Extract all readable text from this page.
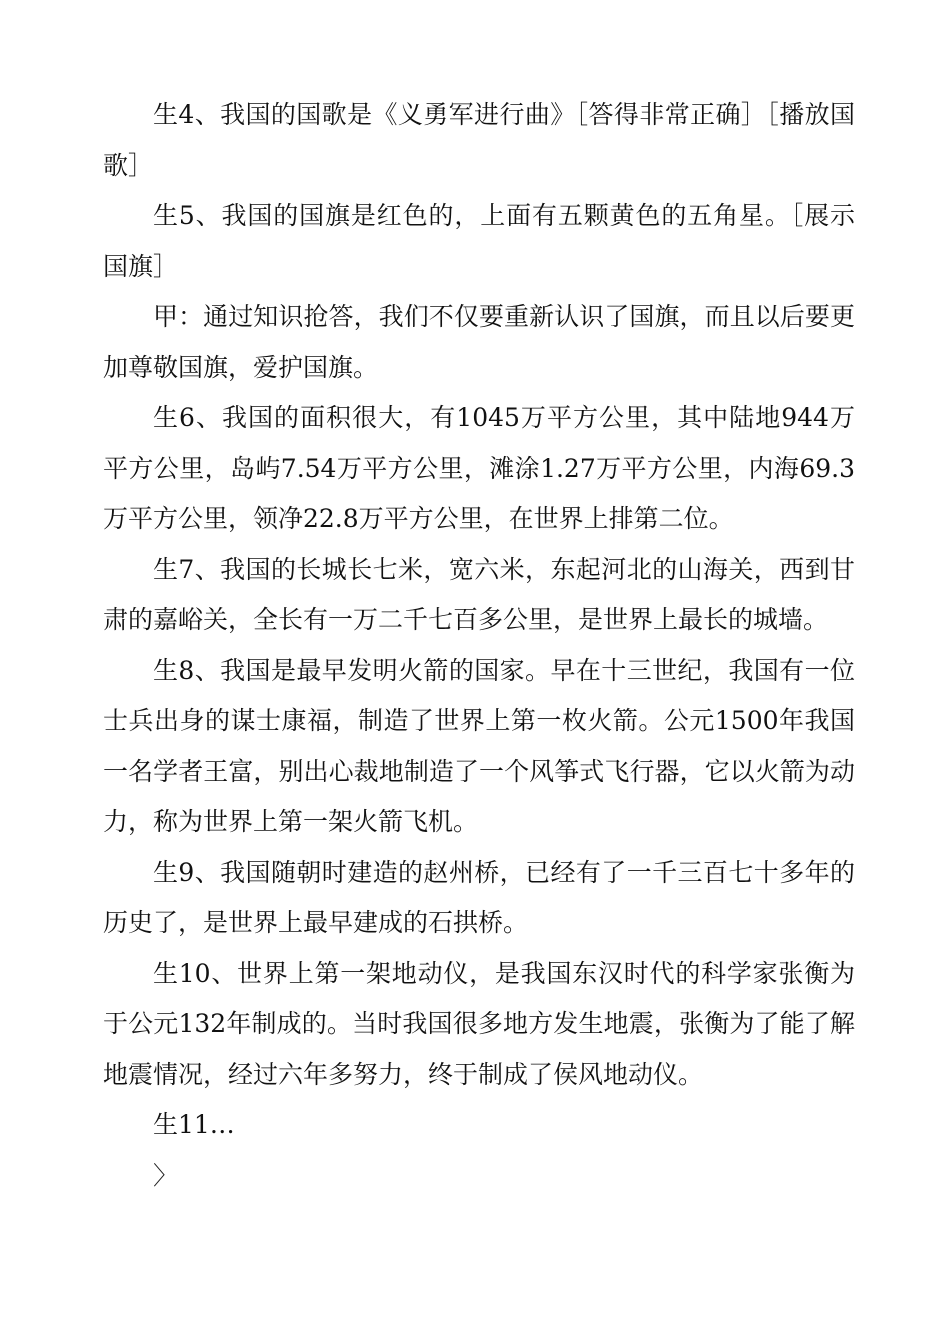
生4、我国的国歌是《义勇军进行曲》［答得非常正确］［播放国歌］

生5、我国的国旗是红色的，上面有五颗黄色的五角星。［展示国旗］

甲：通过知识抢答，我们不仅要重新认识了国旗，而且以后要更加尊敬国旗，爱护国旗。

生6、我国的面积很大，有1045万平方公里，其中陆地944万平方公里，岛屿7.54万平方公里，滩涂1.27万平方公里，内海69.3万平方公里，领净22.8万平方公里，在世界上排第二位。

生7、我国的长城长七米，宽六米，东起河北的山海关，西到甘肃的嘉峪关，全长有一万二千七百多公里，是世界上最长的城墙。

生8、我国是最早发明火箭的国家。早在十三世纪，我国有一位士兵出身的谋士康福，制造了世界上第一枚火箭。公元1500年我国一名学者王富，别出心裁地制造了一个风筝式飞行器，它以火箭为动力，称为世界上第一架火箭飞机。

生9、我国随朝时建造的赵州桥，已经有了一千三百七十多年的历史了，是世界上最早建成的石拱桥。

生10、世界上第一架地动仪，是我国东汉时代的科学家张衡为于公元132年制成的。当时我国很多地方发生地震，张衡为了能了解地震情况，经过六年多努力，终于制成了侯风地动仪。

生11…

〉
